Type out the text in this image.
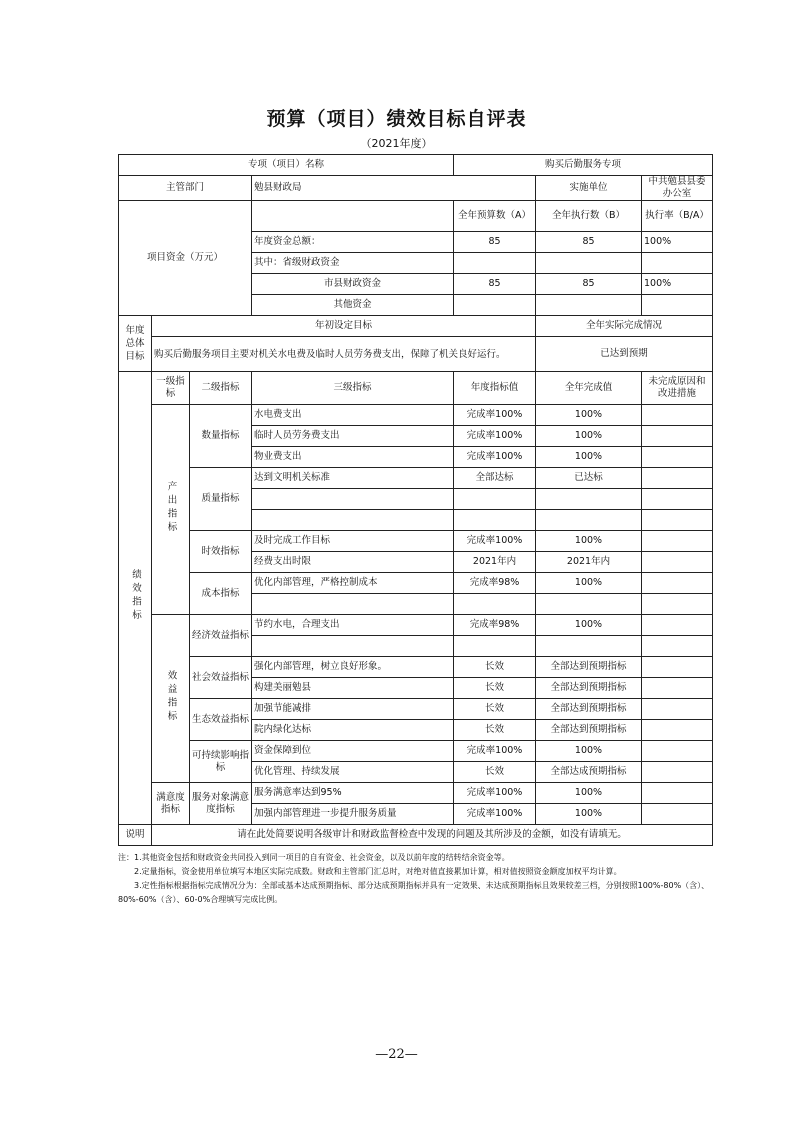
预算（项目）绩效目标自评表
（2021年度）
专项（项目）名称				购买后勤服务专项		
主管部门			勉县财政局		实施单位	中共勉县县委办公室
项目资金（万元）				全年预算数（A）	全年执行数（B）	执行率（B/A）
			年度资金总额：	85	85	100%
			其中：省级财政资金			
			市县财政资金	85	85	100%
			其他资金			
年度总体目标	年初设定目标				全年实际完成情况	
	购买后勤服务项目主要对机关水电费及临时人员劳务费支出，保障了机关良好运行。				已达到预期	
绩效指标	一级指标	二级指标	三级指标	年度指标值	全年完成值	未完成原因和改进措施
	产出指标	数量指标	水电费支出	完成率100%	100%	
			临时人员劳务费支出	完成率100%	100%	
			物业费支出	完成率100%	100%	
		质量指标	达到文明机关标准	全部达标	已达标	

		时效指标	及时完成工作目标	完成率100%	100%	
			经费支出时限	2021年内	2021年内	
		成本指标	优化内部管理，严格控制成本	完成率98%	100%	

	效益指标	经济效益指标	节约水电，合理支出	完成率98%	100%	

		社会效益指标	强化内部管理，树立良好形象。	长效	全部达到预期指标	
			构建美丽勉县	长效	全部达到预期指标	
		生态效益指标	加强节能减排	长效	全部达到预期指标	
			院内绿化达标	长效	全部达到预期指标	
		可持续影响指标	资金保障到位	完成率100%	100%	
			优化管理、持续发展	长效	全部达成预期指标	
	满意度指标	服务对象满意度指标	服务满意率达到95%	完成率100%	100%	
			加强内部管理进一步提升服务质量	完成率100%	100%	
说明	请在此处简要说明各级审计和财政监督检查中发现的问题及其所涉及的金额，如没有请填无。					

注：1.其他资金包括和财政资金共同投入到同一项目的自有资金、社会资金，以及以前年度的结转结余资金等。

2.定量指标，资金使用单位填写本地区实际完成数。财政和主管部门汇总时，对绝对值直接累加计算，相对值按照资金额度加权平均计算。

3.定性指标根据指标完成情况分为：全部或基本达成预期指标、部分达成预期指标并具有一定效果、未达成预期指标且效果较差三档，分别按照100%-80%（含）、80%-60%（含）、60-0%合理填写完成比例。

—22—
